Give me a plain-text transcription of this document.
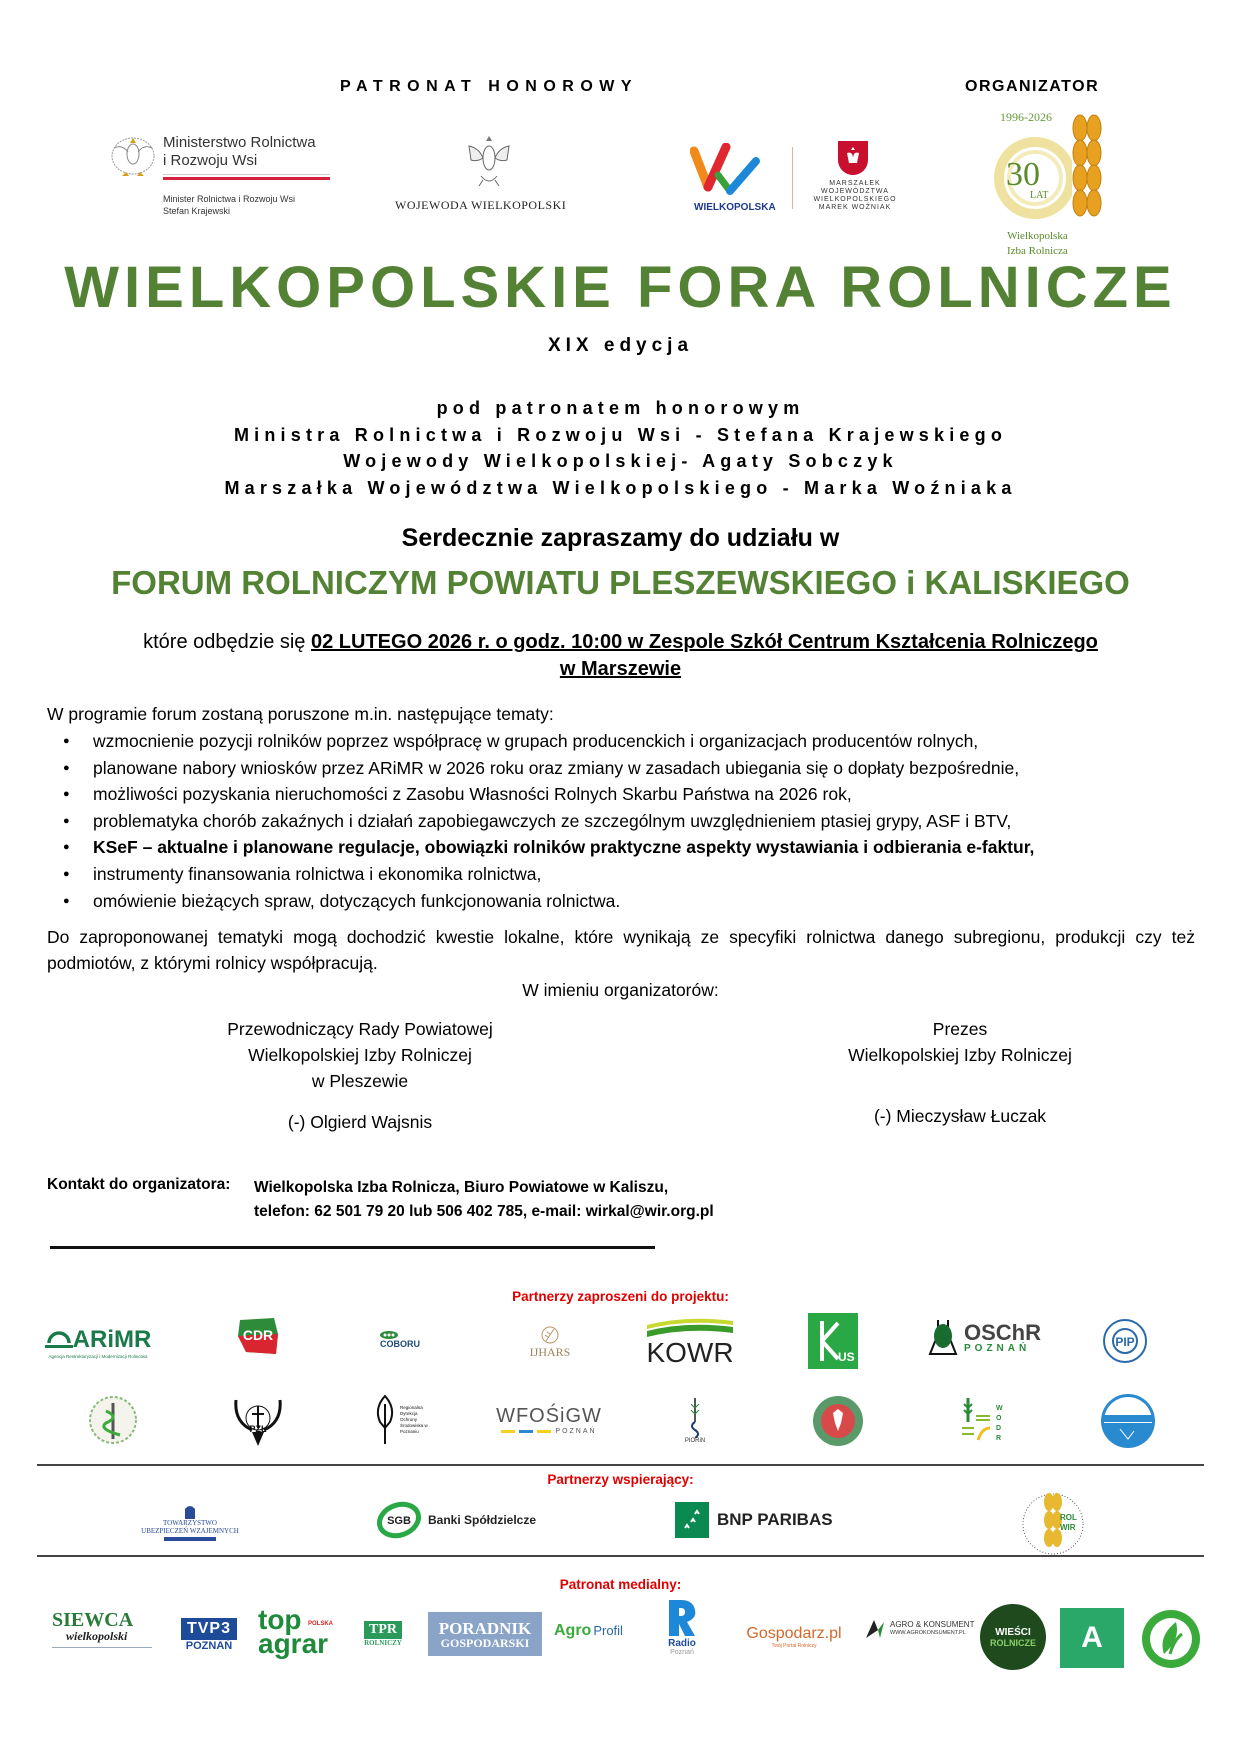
PATRONAT HONOROWY	ORGANIZATOR
Ministerstwo Rolnictwa
i Rozwoju Wsi
Minister Rolnictwa i Rozwoju Wsi
Stefan Krajewski	WOJEWODA WIELKOPOLSKI	WIELKOPOLSKA
MARSZAŁEK
WOJEWÓDZTWA
WIELKOPOLSKIEGO
MAREK WOŹNIAK
1996-2026
30
LAT
Wielkopolska
Izba Rolnicza
WIELKOPOLSKIE FORA ROLNICZE
XIX edycja
pod patronatem honorowym
Ministra Rolnictwa i Rozwoju Wsi - Stefana Krajewskiego
Wojewody Wielkopolskiej- Agaty Sobczyk
Marszałka Województwa Wielkopolskiego - Marka Woźniaka
Serdecznie zapraszamy do udziału w
FORUM ROLNICZYM POWIATU PLESZEWSKIEGO i KALISKIEGO
które odbędzie się 02 LUTEGO 2026 r. o godz. 10:00 w Zespole Szkół Centrum Kształcenia Rolniczego
w Marszewie
W programie forum zostaną poruszone m.in. następujące tematy:
● wzmocnienie pozycji rolników poprzez współpracę w grupach producenckich i organizacjach producentów rolnych,
● planowane nabory wniosków przez ARiMR w 2026 roku oraz zmiany w zasadach ubiegania się o dopłaty bezpośrednie,
● możliwości pozyskania nieruchomości z Zasobu Własności Rolnych Skarbu Państwa na 2026 rok,
● problematyka chorób zakaźnych i działań zapobiegawczych ze szczególnym uwzględnieniem ptasiej grypy, ASF i BTV,
● KSeF – aktualne i planowane regulacje, obowiązki rolników praktyczne aspekty wystawiania i odbierania e-faktur,
● instrumenty finansowania rolnictwa i ekonomika rolnictwa,
● omówienie bieżących spraw, dotyczących funkcjonowania rolnictwa.
Do zaproponowanej tematyki mogą dochodzić kwestie lokalne, które wynikają ze specyfiki rolnictwa danego subregionu, produkcji czy też podmiotów, z którymi rolnicy współpracują.
W imieniu organizatorów:
Przewodniczący Rady Powiatowej
Wielkopolskiej Izby Rolniczej
w Pleszewie
(-) Olgierd Wajsnis
Prezes
Wielkopolskiej Izby Rolniczej
(-) Mieczysław Łuczak
Kontakt do organizatora: Wielkopolska Izba Rolnicza, Biuro Powiatowe w Kaliszu,
telefon: 62 501 79 20 lub 506 402 785, e-mail: wirkal@wir.org.pl
Partnerzy zaproszeni do projektu:
ARiMR
Agencja Restrukturyzacji i Modernizacji Rolnictwa
CDR
COBORU
IJHARS	KOWR	US
OSChR
POZNAŃ	PIP
PZŁ
Regionalna Dyrekcja Ochrony Środowiska w Poznaniu
WFOŚiGW
POZNAŃ
PIORiN
W
O
D
R
Partnerzy wspierający:
TOWARZYSTWO
UBEZPIECZEŃ WZAJEMNYCH
SGB Banki Spółdzielcze	BNP PARIBAS	ROL
WIR
Patronat medialny:
SIEWCA
wielkopolski	TVP3
POZNAŃ
top agrar
POLSKA	TPR
ROLNICZY
PORADNIK
GOSPODARSKI
Agro Profil
Radio
Poznań
Gospodarz.pl
Twój Portal Rolniczy
AGRO & KONSUMENT
WWW.AGROKONSUMENT.PL	WIEŚCI
ROLNICZE A
